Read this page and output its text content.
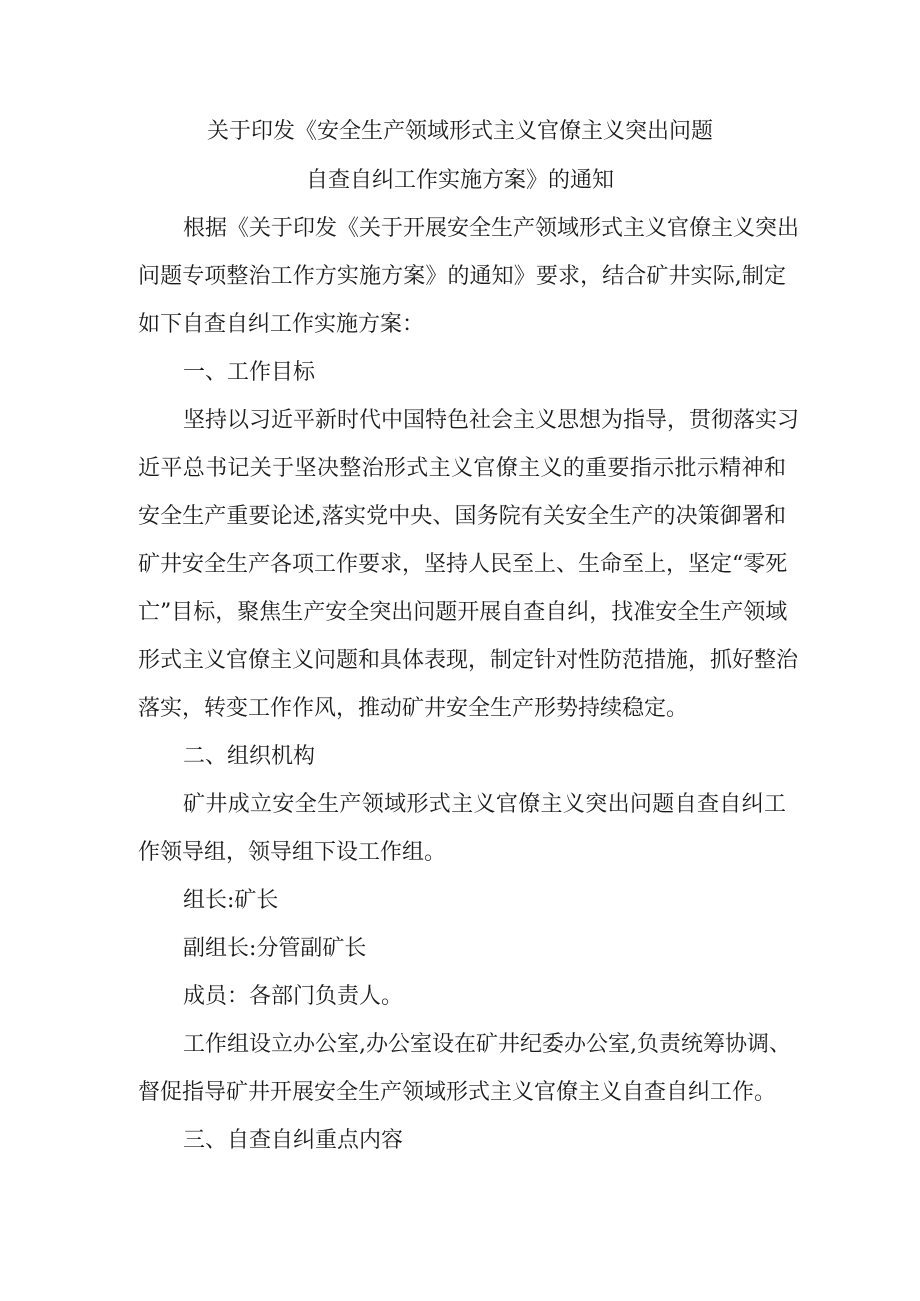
关于印发《安全生产领域形式主义官僚主义突出问题
自查自纠工作实施方案》的通知
根据《关于印发《关于开展安全生产领域形式主义官僚主义突出
问题专项整治工作方实施方案》的通知》要求，结合矿井实际,制定
如下自查自纠工作实施方案：
一、工作目标
坚持以习近平新时代中国特色社会主义思想为指导，贯彻落实习
近平总书记关于坚决整治形式主义官僚主义的重要指示批示精神和
安全生产重要论述,落实党中央、国务院有关安全生产的决策御署和
矿井安全生产各项工作要求，坚持人民至上、生命至上，坚定“零死
亡”目标，聚焦生产安全突出问题开展自查自纠，找准安全生产领域
形式主义官僚主义问题和具体表现，制定针对性防范措施，抓好整治
落实，转变工作作风，推动矿井安全生产形势持续稳定。
二、组织机构
矿井成立安全生产领域形式主义官僚主义突出问题自查自纠工
作领导组，领导组下设工作组。
组长:矿长
副组长:分管副矿长
成员：各部门负责人。
工作组设立办公室,办公室设在矿井纪委办公室,负责统筹协调、
督促指导矿井开展安全生产领域形式主义官僚主义自查自纠工作。
三、自查自纠重点内容
